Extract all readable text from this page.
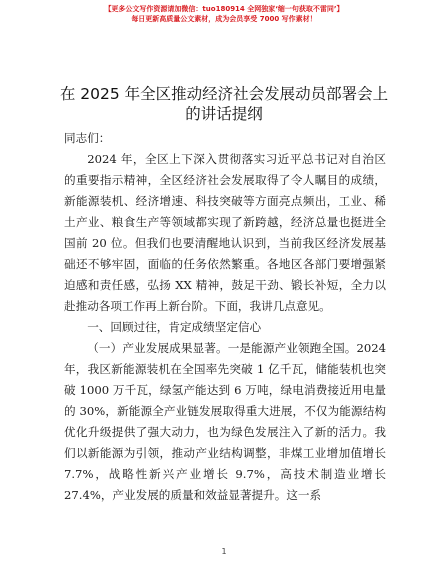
【更多公文写作资源请加微信：tuo180914 全网独家‘缩一句获取不雷同’】
每日更新高质量公文素材，成为会员享受 7000 写作素材！
在 2025 年全区推动经济社会发展动员部署会上
的讲话提纲

同志们：

2024 年，全区上下深入贯彻落实习近平总书记对自治区的重要指示精神，全区经济社会发展取得了令人瞩目的成绩，新能源装机、经济增速、科技突破等方面亮点频出，工业、稀土产业、粮食生产等领域都实现了新跨越，经济总量也挺进全国前 20 位。但我们也要清醒地认识到，当前我区经济发展基础还不够牢固，面临的任务依然繁重。各地区各部门要增强紧迫感和责任感，弘扬 XX 精神，鼓足干劲、锻长补短，全力以赴推动各项工作再上新台阶。下面，我讲几点意见。

一、回顾过往，肯定成绩坚定信心

（一）产业发展成果显著。一是能源产业领跑全国。2024 年，我区新能源装机在全国率先突破 1 亿千瓦，储能装机也突破 1000 万千瓦，绿氢产能达到 6 万吨，绿电消费接近用电量的 30%，新能源全产业链发展取得重大进展，不仅为能源结构优化升级提供了强大动力，也为绿色发展注入了新的活力。我们以新能源为引领，推动产业结构调整，非煤工业增加值增长 7.7%，战略性新兴产业增长 9.7%，高技术制造业增长 27.4%，产业发展的质量和效益显著提升。这一系

1
